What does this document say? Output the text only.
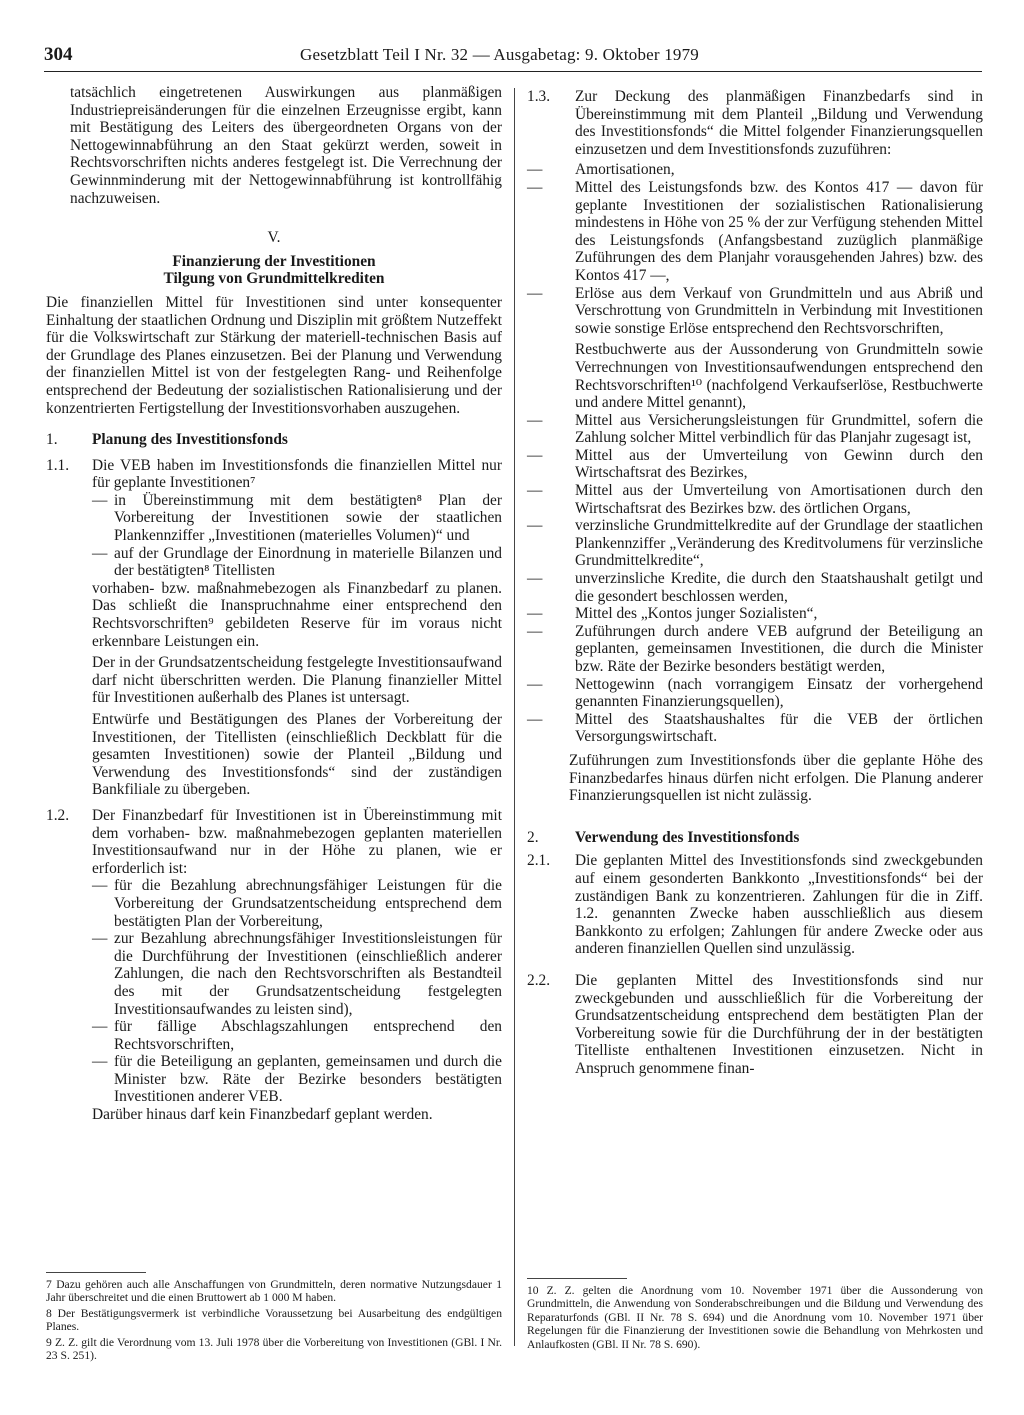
304	Gesetzblatt Teil I Nr. 32 — Ausgabetag: 9. Oktober 1979

tatsächlich eingetretenen Auswirkungen aus planmäßigen Industriepreisänderungen für die einzelnen Erzeugnisse ergibt, kann mit Bestätigung des Leiters des übergeordneten Organs von der Nettogewinnabführung an den Staat gekürzt werden, soweit in Rechtsvorschriften nichts anderes festgelegt ist. Die Verrechnung der Gewinnminderung mit der Nettogewinnabführung ist kontrollfähig nachzuweisen.

V.

Finanzierung der Investitionen

Tilgung von Grundmittelkrediten

Die finanziellen Mittel für Investitionen sind unter konsequenter Einhaltung der staatlichen Ordnung und Disziplin mit größtem Nutzeffekt für die Volkswirtschaft zur Stärkung der materiell-technischen Basis auf der Grundlage des Planes einzusetzen. Bei der Planung und Verwendung der finanziellen Mittel ist von der festgelegten Rang- und Reihenfolge entsprechend der Bedeutung der sozialistischen Rationalisierung und der konzentrierten Fertigstellung der Investitionsvorhaben auszugehen.

1.	Planung des Investitionsfonds
1.1.	Die VEB haben im Investitionsfonds die finanziellen Mittel nur für geplante Investitionen⁷

— in Übereinstimmung mit dem bestätigten⁸ Plan der Vorbereitung der Investitionen sowie der staatlichen Plankennziffer „Investitionen (materielles Volumen)“ und
— auf der Grundlage der Einordnung in materielle Bilanzen und der bestätigten⁸ Titellisten

vorhaben- bzw. maßnahmebezogen als Finanzbedarf zu planen. Das schließt die Inanspruchnahme einer entsprechend den Rechtsvorschriften⁹ gebildeten Reserve für im voraus nicht erkennbare Leistungen ein.

Der in der Grundsatzentscheidung festgelegte Investitionsaufwand darf nicht überschritten werden. Die Planung finanzieller Mittel für Investitionen außerhalb des Planes ist untersagt.

Entwürfe und Bestätigungen des Planes der Vorbereitung der Investitionen, der Titellisten (einschließlich Deckblatt für die gesamten Investitionen) sowie der Planteil „Bildung und Verwendung des Investitionsfonds“ sind der zuständigen Bankfiliale zu übergeben.

1.2.	Der Finanzbedarf für Investitionen ist in Übereinstimmung mit dem vorhaben- bzw. maßnahmebezogen geplanten materiellen Investitionsaufwand nur in der Höhe zu planen, wie er erforderlich ist:

— für die Bezahlung abrechnungsfähiger Leistungen für die Vorbereitung der Grundsatzentscheidung entsprechend dem bestätigten Plan der Vorbereitung,
— zur Bezahlung abrechnungsfähiger Investitionsleistungen für die Durchführung der Investitionen (einschließlich anderer Zahlungen, die nach den Rechtsvorschriften als Bestandteil des mit der Grundsatzentscheidung festgelegten Investitionsaufwandes zu leisten sind),
— für fällige Abschlagszahlungen entsprechend den Rechtsvorschriften,
— für die Beteiligung an geplanten, gemeinsamen und durch die Minister bzw. Räte der Bezirke besonders bestätigten Investitionen anderer VEB.

Darüber hinaus darf kein Finanzbedarf geplant werden.

7 Dazu gehören auch alle Anschaffungen von Grundmitteln, deren normative Nutzungsdauer 1 Jahr überschreitet und die einen Bruttowert ab 1 000 M haben.

8 Der Bestätigungsvermerk ist verbindliche Voraussetzung bei Ausarbeitung des endgültigen Planes.

9 Z. Z. gilt die Verordnung vom 13. Juli 1978 über die Vorbereitung von Investitionen (GBl. I Nr. 23 S. 251).

1.3.	Zur Deckung des planmäßigen Finanzbedarfs sind in Übereinstimmung mit dem Planteil „Bildung und Verwendung des Investitionsfonds“ die Mittel folgender Finanzierungsquellen einzusetzen und dem Investitionsfonds zuzuführen:

—	Amortisationen,
—	Mittel des Leistungsfonds bzw. des Kontos 417 — davon für geplante Investitionen der sozialistischen Rationalisierung mindestens in Höhe von 25 % der zur Verfügung stehenden Mittel des Leistungsfonds (Anfangsbestand zuzüglich planmäßige Zuführungen des dem Planjahr vorausgehenden Jahres) bzw. des Kontos 417 —,
—	Erlöse aus dem Verkauf von Grundmitteln und aus Abriß und Verschrottung von Grundmitteln in Verbindung mit Investitionen sowie sonstige Erlöse entsprechend den Rechtsvorschriften,

Restbuchwerte aus der Aussonderung von Grundmitteln sowie Verrechnungen von Investitionsaufwendungen entsprechend den Rechtsvorschriften¹⁰ (nachfolgend Verkaufserlöse, Restbuchwerte und andere Mittel genannt),

—	Mittel aus Versicherungsleistungen für Grundmittel, sofern die Zahlung solcher Mittel verbindlich für das Planjahr zugesagt ist,
—	Mittel aus der Umverteilung von Gewinn durch den Wirtschaftsrat des Bezirkes,
—	Mittel aus der Umverteilung von Amortisationen durch den Wirtschaftsrat des Bezirkes bzw. des örtlichen Organs,
—	verzinsliche Grundmittelkredite auf der Grundlage der staatlichen Plankennziffer „Veränderung des Kreditvolumens für verzinsliche Grundmittelkredite“,
—	unverzinsliche Kredite, die durch den Staatshaushalt getilgt und die gesondert beschlossen werden,
—	Mittel des „Kontos junger Sozialisten“,
—	Zuführungen durch andere VEB aufgrund der Beteiligung an geplanten, gemeinsamen Investitionen, die durch die Minister bzw. Räte der Bezirke besonders bestätigt werden,
—	Nettogewinn (nach vorrangigem Einsatz der vorhergehend genannten Finanzierungsquellen),
—	Mittel des Staatshaushaltes für die VEB der örtlichen Versorgungswirtschaft.

Zuführungen zum Investitionsfonds über die geplante Höhe des Finanzbedarfes hinaus dürfen nicht erfolgen. Die Planung anderer Finanzierungsquellen ist nicht zulässig.

2.	Verwendung des Investitionsfonds
2.1.	Die geplanten Mittel des Investitionsfonds sind zweckgebunden auf einem gesonderten Bankkonto „Investitionsfonds“ bei der zuständigen Bank zu konzentrieren. Zahlungen für die in Ziff. 1.2. genannten Zwecke haben ausschließlich aus diesem Bankkonto zu erfolgen; Zahlungen für andere Zwecke oder aus anderen finanziellen Quellen sind unzulässig.

2.2.	Die geplanten Mittel des Investitionsfonds sind nur zweckgebunden und ausschließlich für die Vorbereitung der Grundsatzentscheidung entsprechend dem bestätigten Plan der Vorbereitung sowie für die Durchführung der in der bestätigten Titelliste enthaltenen Investitionen einzusetzen. Nicht in Anspruch genommene finan-

10 Z. Z. gelten die Anordnung vom 10. November 1971 über die Aussonderung von Grundmitteln, die Anwendung von Sonderabschreibungen und die Bildung und Verwendung des Reparaturfonds (GBl. II Nr. 78 S. 694) und die Anordnung vom 10. November 1971 über Regelungen für die Finanzierung der Investitionen sowie die Behandlung von Mehrkosten und Anlaufkosten (GBl. II Nr. 78 S. 690).
